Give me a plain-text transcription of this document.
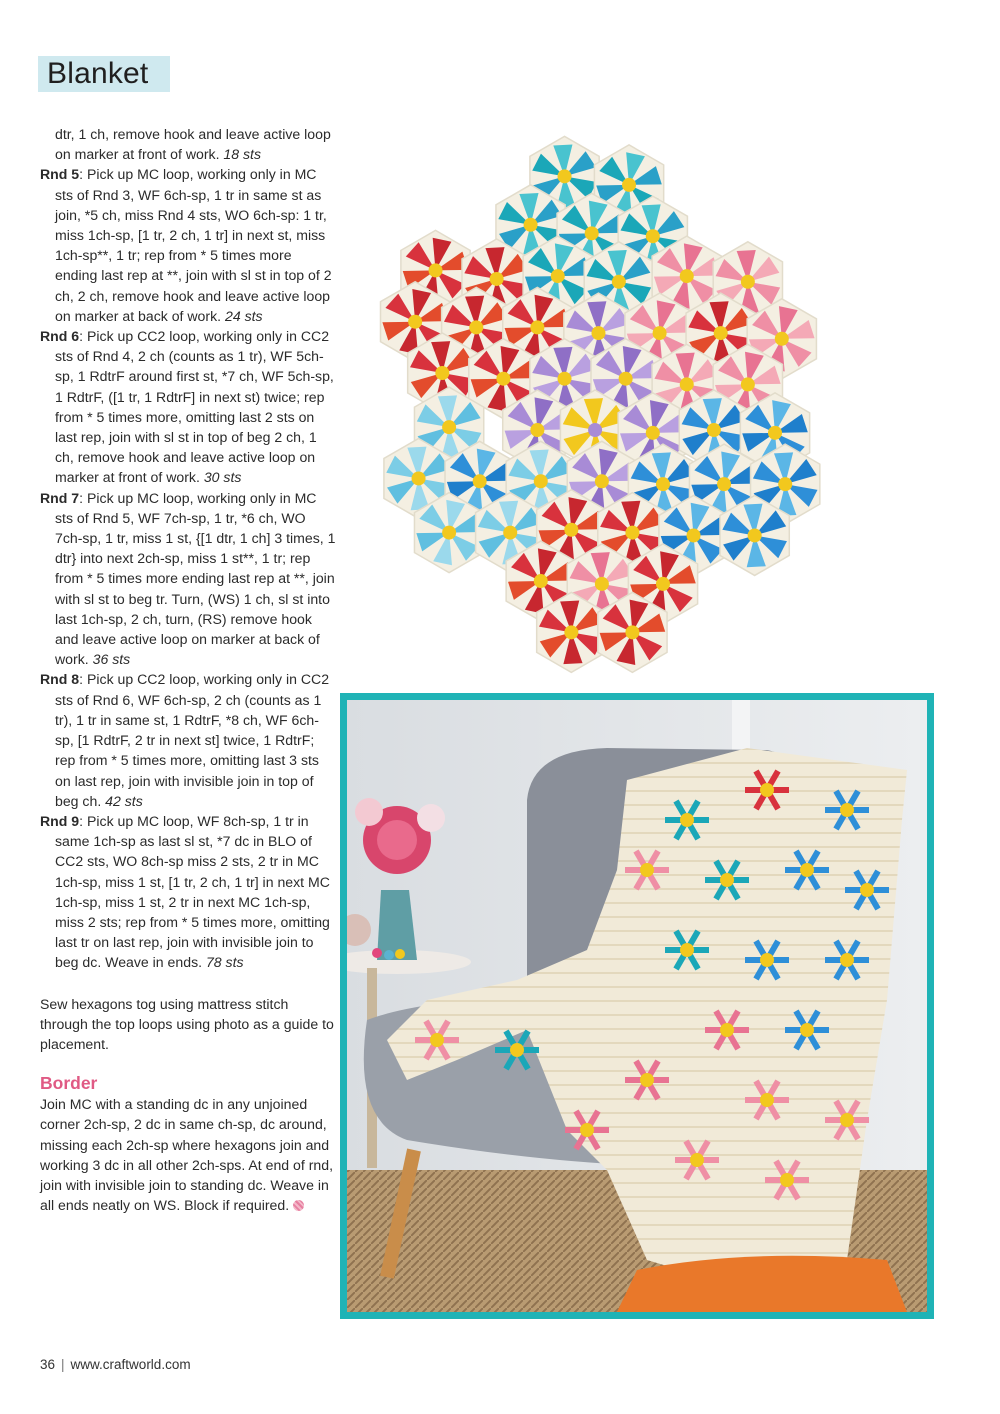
Blanket

dtr, 1 ch, remove hook and leave active loop on marker at front of work. 18 sts

Rnd 5: Pick up MC loop, working only in MC sts of Rnd 3, WF 6ch-sp, 1 tr in same st as join, *5 ch, miss Rnd 4 sts, WO 6ch-sp: 1 tr, miss 1ch-sp, [1 tr, 2 ch, 1 tr] in next st, miss 1ch-sp**, 1 tr; rep from * 5 times more ending last rep at **, join with sl st in top of 2 ch, 2 ch, remove hook and leave active loop on marker at back of work. 24 sts

Rnd 6: Pick up CC2 loop, working only in CC2 sts of Rnd 4, 2 ch (counts as 1 tr), WF 5ch-sp, 1 RdtrF around first st, *7 ch, WF 5ch-sp, 1 RdtrF, ([1 tr, 1 RdtrF] in next st) twice; rep from * 5 times more, omitting last 2 sts on last rep, join with sl st in top of beg 2 ch, 1 ch, remove hook and leave active loop on marker at front of work. 30 sts

Rnd 7: Pick up MC loop, working only in MC sts of Rnd 5, WF 7ch-sp, 1 tr, *6 ch, WO 7ch-sp, 1 tr, miss 1 st, {[1 dtr, 1 ch] 3 times, 1 dtr} into next 2ch-sp, miss 1 st**, 1 tr; rep from * 5 times more ending last rep at **, join with sl st to beg tr. Turn, (WS) 1 ch, sl st into last 1ch-sp, 2 ch, turn, (RS) remove hook and leave active loop on marker at back of work. 36 sts

Rnd 8: Pick up CC2 loop, working only in CC2 sts of Rnd 6, WF 6ch-sp, 2 ch (counts as 1 tr), 1 tr in same st, 1 RdtrF, *8 ch, WF 6ch-sp, [1 RdtrF, 2 tr in next st] twice, 1 RdtrF; rep from * 5 times more, omitting last 3 sts on last rep, join with invisible join in top of beg ch. 42 sts

Rnd 9: Pick up MC loop, WF 8ch-sp, 1 tr in same 1ch-sp as last sl st, *7 dc in BLO of CC2 sts, WO 8ch-sp miss 2 sts, 2 tr in MC 1ch-sp, miss 1 st, [1 tr, 2 ch, 1 tr] in next MC 1ch-sp, miss 1 st, 2 tr in next MC 1ch-sp, miss 2 sts; rep from * 5 times more, omitting last tr on last rep, join with invisible join to beg dc. Weave in ends. 78 sts

Sew hexagons tog using mattress stitch through the top loops using photo as a guide to placement.

Border

Join MC with a standing dc in any unjoined corner 2ch-sp, 2 dc in same ch-sp, dc around, missing each 2ch-sp where hexagons join and working 3 dc in all other 2ch-sps. At end of rnd, join with invisible join to standing dc. Weave in all ends neatly on WS. Block if required.

36 | www.craftworld.com
